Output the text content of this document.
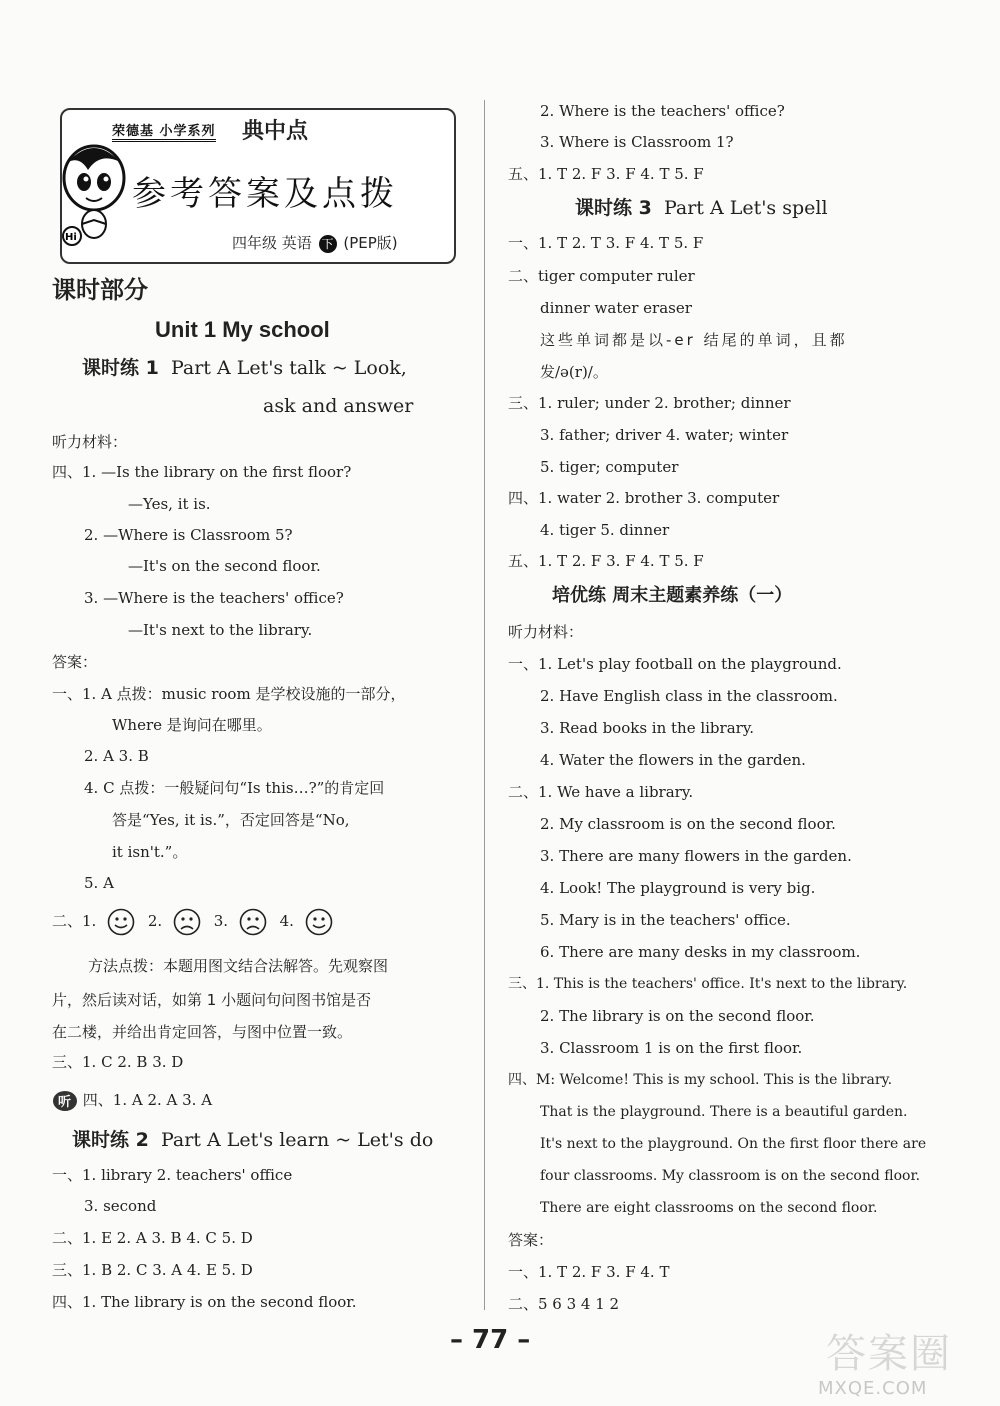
Hi
荣德基 小学系列 典中点
参考答案及点拨
四年级 英语 下 (PEP版)
课时部分
Unit 1 My school
课时练 1 Part A Let's talk ~ Look,
ask and answer
听力材料：
四、1. —Is the library on the first floor?
—Yes, it is.
2. —Where is Classroom 5?
—It's on the second floor.
3. —Where is the teachers' office?
—It's next to the library.
答案：
一、1. A 点拨：music room 是学校设施的一部分，
Where 是询问在哪里。
2. A 3. B
4. C 点拨：一般疑问句“Is this…?”的肯定回
答是“Yes, it is.”，否定回答是“No,
it isn't.”。
5. A
二、1.	2.	3.	4.
方法点拨：本题用图文结合法解答。先观察图
片，然后读对话，如第 1 小题问句问图书馆是否
在二楼，并给出肯定回答，与图中位置一致。
三、1. C 2. B 3. D
听 四、1. A 2. A 3. A
课时练 2 Part A Let's learn ~ Let's do
一、1. library 2. teachers' office
3. second
二、1. E 2. A 3. B 4. C 5. D
三、1. B 2. C 3. A 4. E 5. D
四、1. The library is on the second floor.
2. Where is the teachers' office?
3. Where is Classroom 1?
五、1. T 2. F 3. F 4. T 5. F
课时练 3 Part A Let's spell
一、1. T 2. T 3. F 4. T 5. F
二、tiger computer ruler
dinner water eraser
这些单词都是以-er 结尾的单词，且都
发/ə(r)/。
三、1. ruler; under 2. brother; dinner
3. father; driver 4. water; winter
5. tiger; computer
四、1. water 2. brother 3. computer
4. tiger 5. dinner
五、1. T 2. F 3. F 4. T 5. F
培优练 周末主题素养练（一）
听力材料：
一、1. Let's play football on the playground.
2. Have English class in the classroom.
3. Read books in the library.
4. Water the flowers in the garden.
二、1. We have a library.
2. My classroom is on the second floor.
3. There are many flowers in the garden.
4. Look! The playground is very big.
5. Mary is in the teachers' office.
6. There are many desks in my classroom.
三、1. This is the teachers' office. It's next to the library.
2. The library is on the second floor.
3. Classroom 1 is on the first floor.
四、M: Welcome! This is my school. This is the library.
That is the playground. There is a beautiful garden.
It's next to the playground. On the first floor there are
four classrooms. My classroom is on the second floor.
There are eight classrooms on the second floor.
答案：
一、1. T 2. F 3. F 4. T
二、5 6 3 4 1 2
– 77 –	答案圈
MXQE.COM
